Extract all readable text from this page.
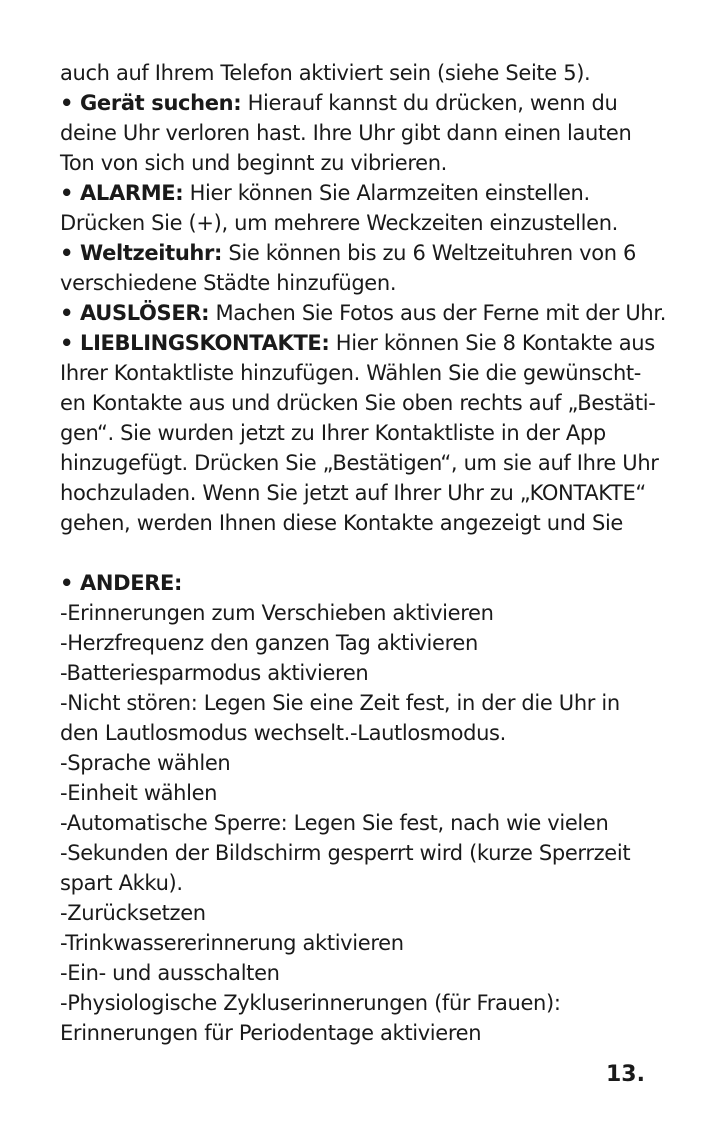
auch auf Ihrem Telefon aktiviert sein (siehe Seite 5).
• Gerät suchen: Hierauf kannst du drücken, wenn du
deine Uhr verloren hast. Ihre Uhr gibt dann einen lauten
Ton von sich und beginnt zu vibrieren.
• ALARME: Hier können Sie Alarmzeiten einstellen.
Drücken Sie (+), um mehrere Weckzeiten einzustellen.
• Weltzeituhr: Sie können bis zu 6 Weltzeituhren von 6
verschiedene Städte hinzufügen.
• AUSLÖSER: Machen Sie Fotos aus der Ferne mit der Uhr.
• LIEBLINGSKONTAKTE: Hier können Sie 8 Kontakte aus
Ihrer Kontaktliste hinzufügen. Wählen Sie die gewünscht-
en Kontakte aus und drücken Sie oben rechts auf „Bestäti-
gen“. Sie wurden jetzt zu Ihrer Kontaktliste in der App
hinzugefügt. Drücken Sie „Bestätigen“, um sie auf Ihre Uhr
hochzuladen. Wenn Sie jetzt auf Ihrer Uhr zu „KONTAKTE“
gehen, werden Ihnen diese Kontakte angezeigt und Sie
• ANDERE:
-Erinnerungen zum Verschieben aktivieren
-Herzfrequenz den ganzen Tag aktivieren
-Batteriesparmodus aktivieren
-Nicht stören: Legen Sie eine Zeit fest, in der die Uhr in
den Lautlosmodus wechselt.-Lautlosmodus.
-Sprache wählen
-Einheit wählen
-Automatische Sperre: Legen Sie fest, nach wie vielen
-Sekunden der Bildschirm gesperrt wird (kurze Sperrzeit
spart Akku).
-Zurücksetzen
-Trinkwassererinnerung aktivieren
-Ein- und ausschalten
-Physiologische Zykluserinnerungen (für Frauen):
Erinnerungen für Periodentage aktivieren
13.
